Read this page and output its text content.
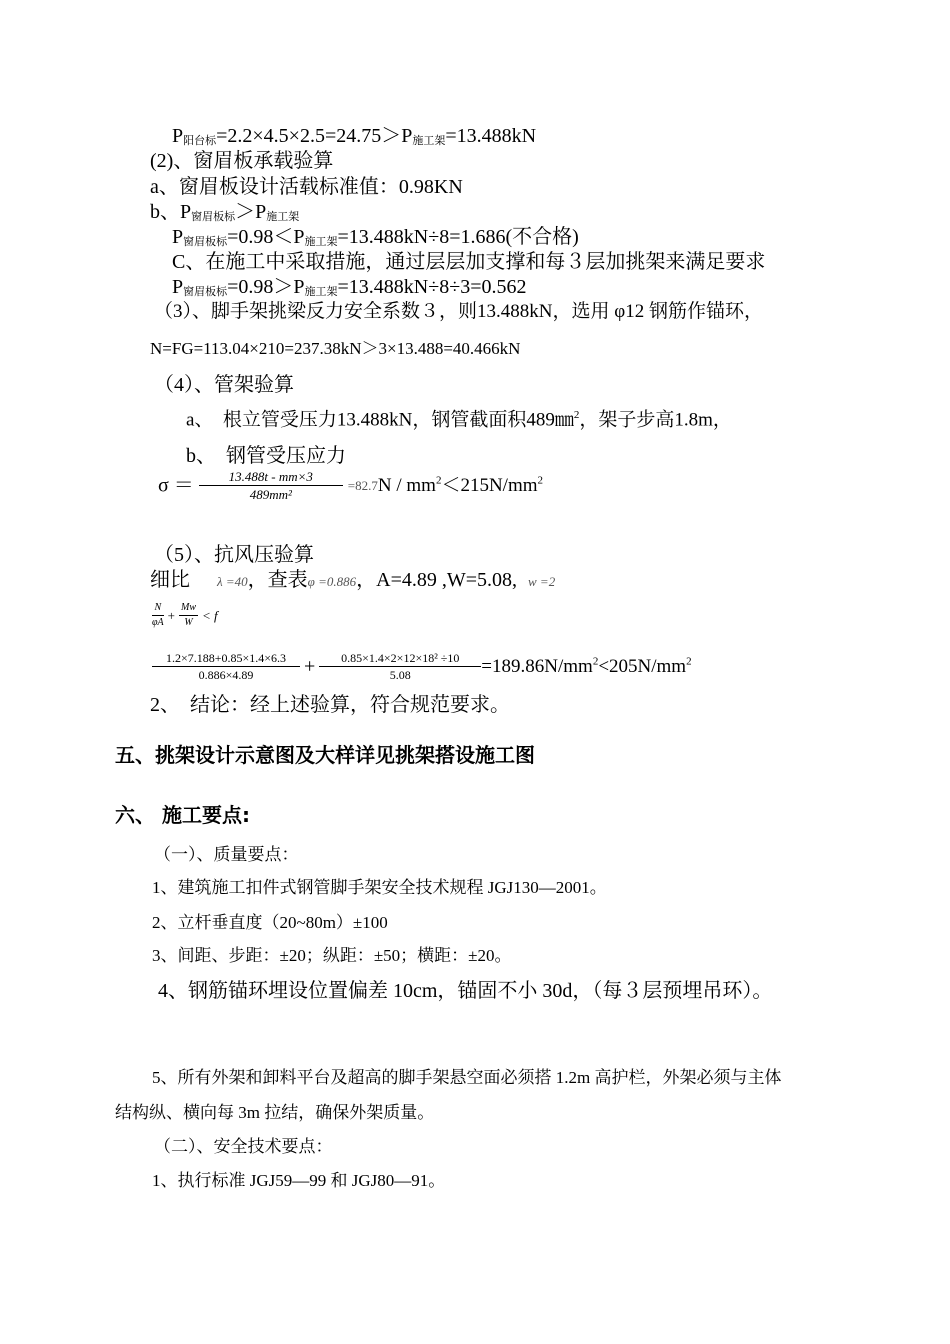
$P_{阳台标}=2.2\times 4.5\times 2.5=24.75>P_{施工架}=13.488kN$
(2)、窗眉板承载验算
a、窗眉板设计活载标准值：0.98KN
b、$P_{窗眉板标}>P_{施工架}$
$P_{窗眉板标}=0.98<P_{施工架}=13.488kN\div 8=1.686$(不合格)
C、在施工中采取措施，通过层层加支撑和每３层加挑架来满足要求
$P_{窗眉板标}=0.98>P_{施工架}=13.488kN\div 8\div 3=0.562$
（3）、脚手架挑梁反力安全系数３，则13.488kN，选用 φ12 钢筋作锚环，
N=FG=113.04×210=237.38kN＞3×13.488=40.466kN
（4）、管架验算
a、　根立管受压力13.488kN，钢管截面积489㎜$^2$，架子步高1.8m，
b、　钢管受压应力
$\sigma = \frac{13.488t - mm\times 3}{\text{489mm²}} =82.7N / mm^2<215N/mm^2$
（5）、抗风压验算
细比 λ =40，查表φ =0.886，A=4.89 ,W=5.08, w =2
$\frac{N}{\varphi A} + \frac{Mw}{W} < f$
$\frac{1.2\times 7.188+0.85\times 1.4\times 6.3}{0.886\times 4.89} + \frac{\text{0.85×1.4×2×12×18² ÷10}}{5.08} =189.86N/mm^2<205N/mm^2$
2、　结论：经上述验算，符合规范要求。
五、挑架设计示意图及大样详见挑架搭设施工图
六、 施工要点:
（一）、质量要点：
1、建筑施工扣件式钢管脚手架安全技术规程 JGJ130—2001。
2、立杆垂直度（20~80m）±100
3、间距、步距：±20；纵距：±50；横距：±20。
4、钢筋锚环埋设位置偏差 10cm，锚固不小 30d，（每３层预埋吊环）。
5、所有外架和卸料平台及超高的脚手架悬空面必须搭 1.2m 高护栏，外架必须与主体
结构纵、横向每 3m 拉结，确保外架质量。
（二）、安全技术要点：
1、执行标准 JGJ59—99 和 JGJ80—91。
